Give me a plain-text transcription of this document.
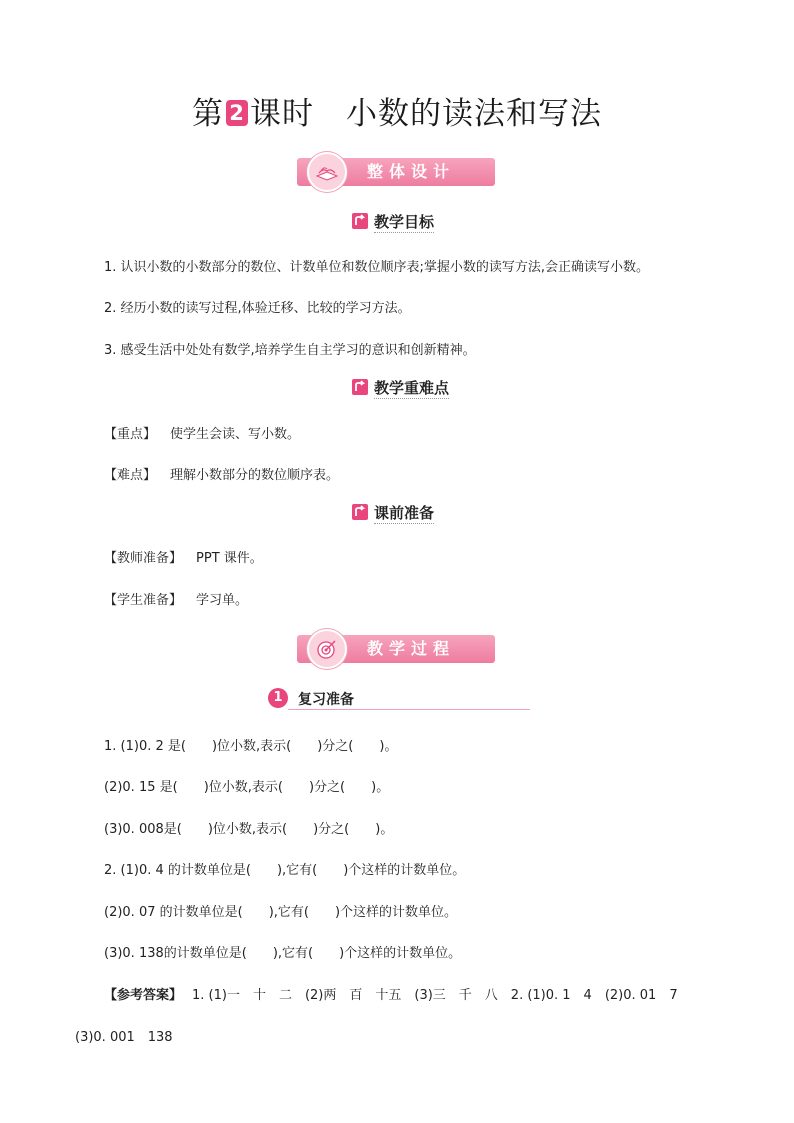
第 2 课时 小数的读法和写法
整体设计
教学目标
1. 认识小数的小数部分的数位、计数单位和数位顺序表;掌握小数的读写方法,会正确读写小数。
2. 经历小数的读写过程,体验迁移、比较的学习方法。
3. 感受生活中处处有数学,培养学生自主学习的意识和创新精神。
教学重难点
【重点】 使学生会读、写小数。
【难点】 理解小数部分的数位顺序表。
课前准备
【教师准备】 PPT 课件。
【学生准备】 学习单。
教学过程
1	复习准备
1. (1)0. 2 是(　　)位小数,表示(　　)分之(　　)。
(2)0. 15 是(　　)位小数,表示(　　)分之(　　)。
(3)0. 008是(　　)位小数,表示(　　)分之(　　)。
2. (1)0. 4 的计数单位是(　　),它有(　　)个这样的计数单位。
(2)0. 07 的计数单位是(　　),它有(　　)个这样的计数单位。
(3)0. 138的计数单位是(　　),它有(　　)个这样的计数单位。
【参考答案】 1. (1)一　十　二　(2)两　百　十五　(3)三　千　八　2. (1)0. 1　4　(2)0. 01　7
(3)0. 001　138
